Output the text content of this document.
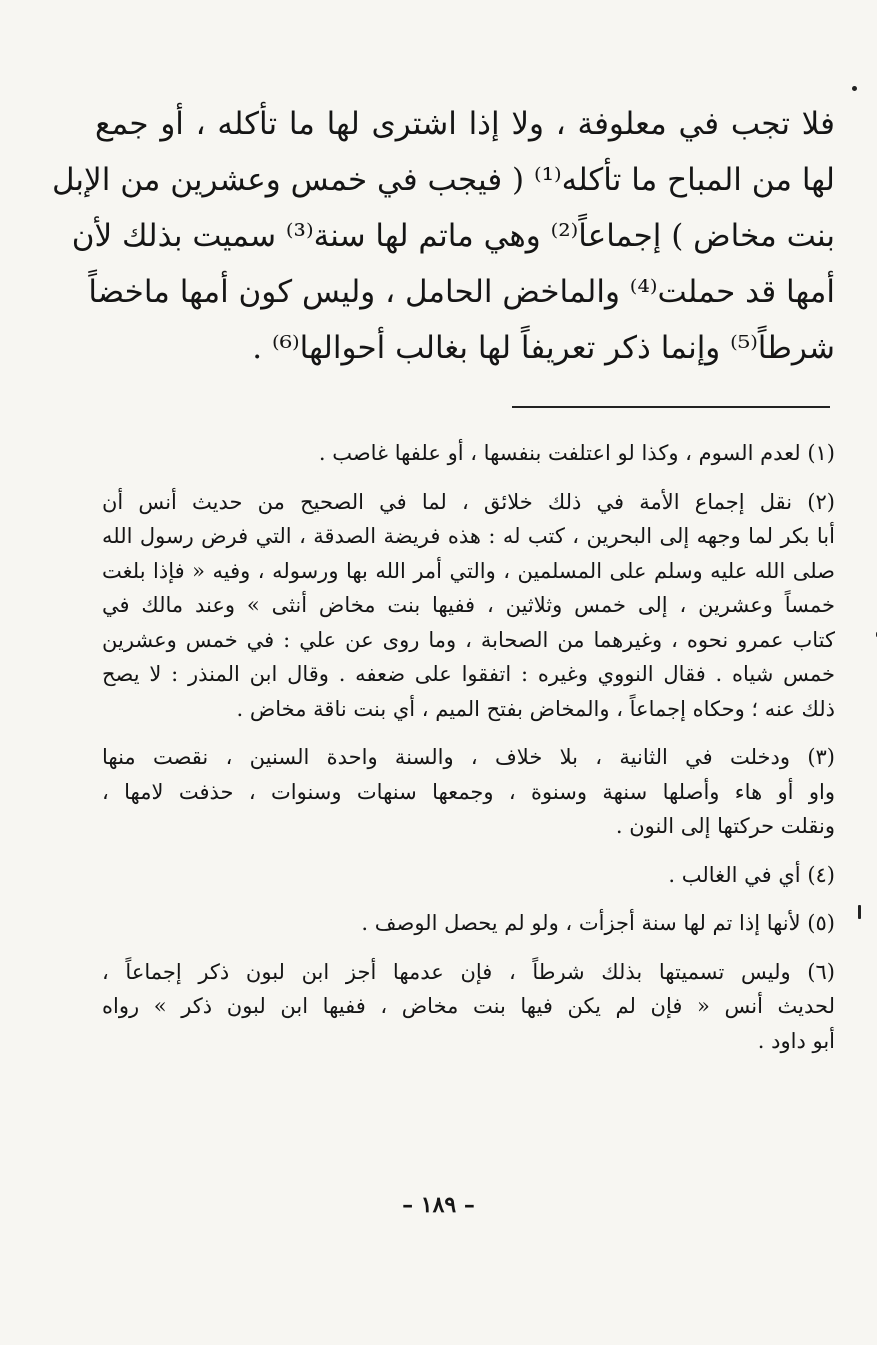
فلا تجب في معلوفة ، ولا إذا اشترى لها ما تأكله ، أو جمع
لها من المباح ما تأكله⁽¹⁾ ( فيجب في خمس وعشرين من الإبل
بنت مخاض ) إجماعاً⁽²⁾ وهي ماتم لها سنة⁽³⁾ سميت بذلك لأن
أمها قد حملت⁽⁴⁾ والماخض الحامل ، وليس كون أمها ماخضاً
شرطاً⁽⁵⁾ وإنما ذكر تعريفاً لها بغالب أحوالها⁽⁶⁾ .
(١) لعدم السوم ، وكذا لو اعتلفت بنفسها ، أو علفها غاصب .
(٢) نقل إجماع الأمة في ذلك خلائق ، لما في الصحيح من حديث أنس أن
أبا بكر لما وجهه إلى البحرين ، كتب له : هذه فريضة الصدقة ، التي فرض رسول الله
صلى الله عليه وسلم على المسلمين ، والتي أمر الله بها ورسوله ، وفيه « فإذا بلغت
خمساً وعشرين ، إلى خمس وثلاثين ، ففيها بنت مخاض أنثى » وعند مالك في
كتاب عمرو نحوه ، وغيرهما من الصحابة ، وما روى عن علي : في خمس وعشرين
خمس شياه . فقال النووي وغيره : اتفقوا على ضعفه . وقال ابن المنذر : لا يصح
ذلك عنه ؛ وحكاه إجماعاً ، والمخاض بفتح الميم ، أي بنت ناقة مخاض .
(٣) ودخلت في الثانية ، بلا خلاف ، والسنة واحدة السنين ، نقصت منها
واو أو هاء وأصلها سنهة وسنوة ، وجمعها سنهات وسنوات ، حذفت لامها ،
ونقلت حركتها إلى النون .
(٤) أي في الغالب .
(٥) لأنها إذا تم لها سنة أجزأت ، ولو لم يحصل الوصف .
(٦) وليس تسميتها بذلك شرطاً ، فإن عدمها أجز ابن لبون ذكر إجماعاً ،
لحديث أنس « فإن لم يكن فيها بنت مخاض ، ففيها ابن لبون ذكر » رواه
أبو داود .
– ١٨٩ –
